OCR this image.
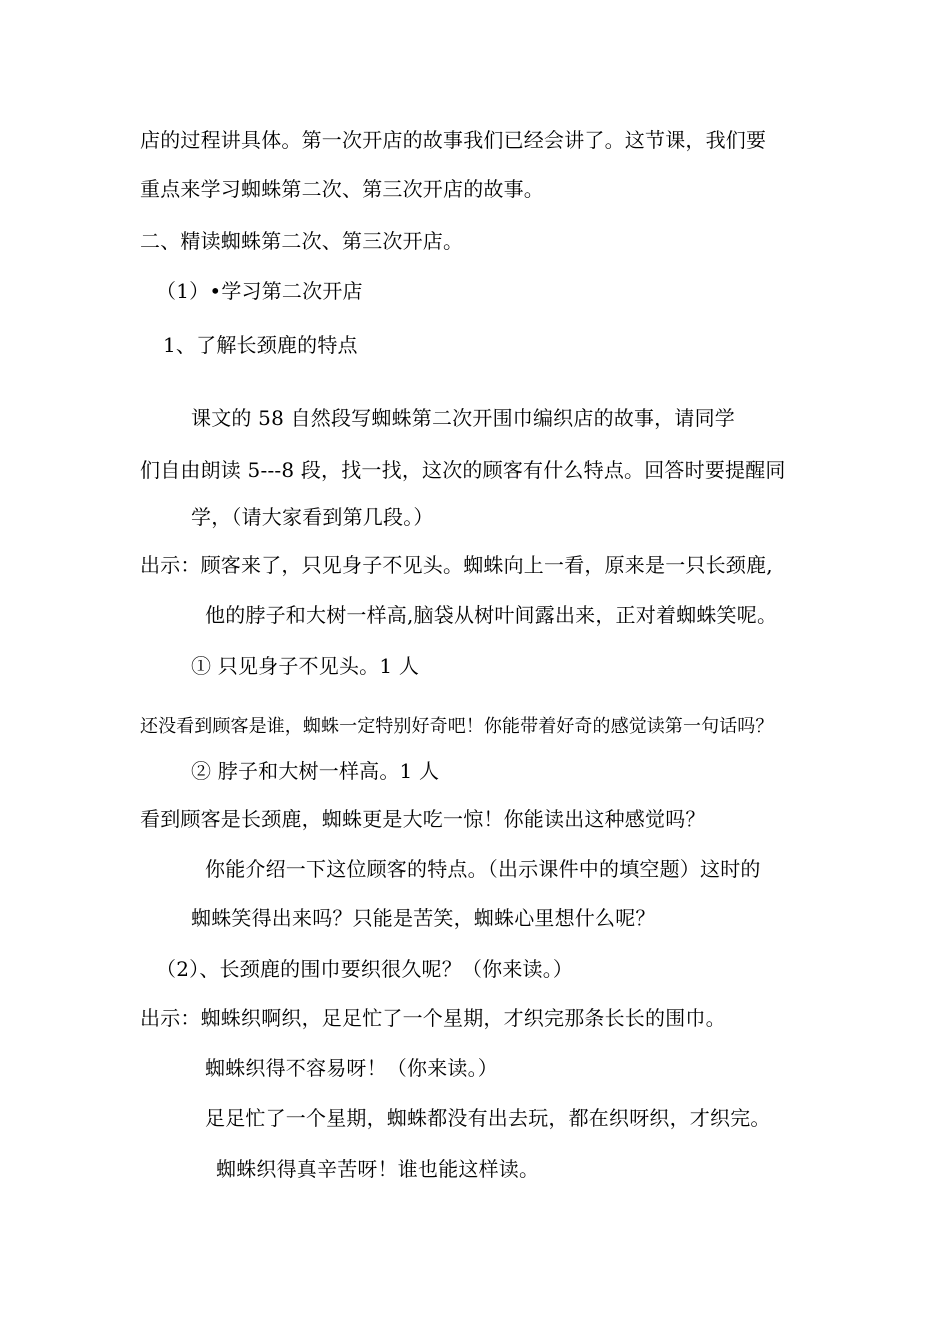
店的过程讲具体。第一次开店的故事我们已经会讲了。这节课，我们要
重点来学习蜘蛛第二次、第三次开店的故事。
二、精读蜘蛛第二次、第三次开店。
（1）•学习第二次开店
1、了解长颈鹿的特点
课文的 58 自然段写蜘蛛第二次开围巾编织店的故事，请同学
们自由朗读 5---8 段，找一找，这次的顾客有什么特点。回答时要提醒同
学，（请大家看到第几段。）
出示：顾客来了，只见身子不见头。蜘蛛向上一看，原来是一只长颈鹿,
他的脖子和大树一样高,脑袋从树叶间露出来，正对着蜘蛛笑呢。
① 只见身子不见头。1 人
还没看到顾客是谁，蜘蛛一定特别好奇吧！你能带着好奇的感觉读第一句话吗？
② 脖子和大树一样高。1 人
看到顾客是长颈鹿，蜘蛛更是大吃一惊！你能读出这种感觉吗？
你能介绍一下这位顾客的特点。（出示课件中的填空题）这时的
蜘蛛笑得出来吗？只能是苦笑，蜘蛛心里想什么呢？
（2）、长颈鹿的围巾要织很久呢？（你来读。）
出示：蜘蛛织啊织，足足忙了一个星期，才织完那条长长的围巾。
蜘蛛织得不容易呀！（你来读。）
足足忙了一个星期，蜘蛛都没有出去玩，都在织呀织，才织完。
蜘蛛织得真辛苦呀！谁也能这样读。
